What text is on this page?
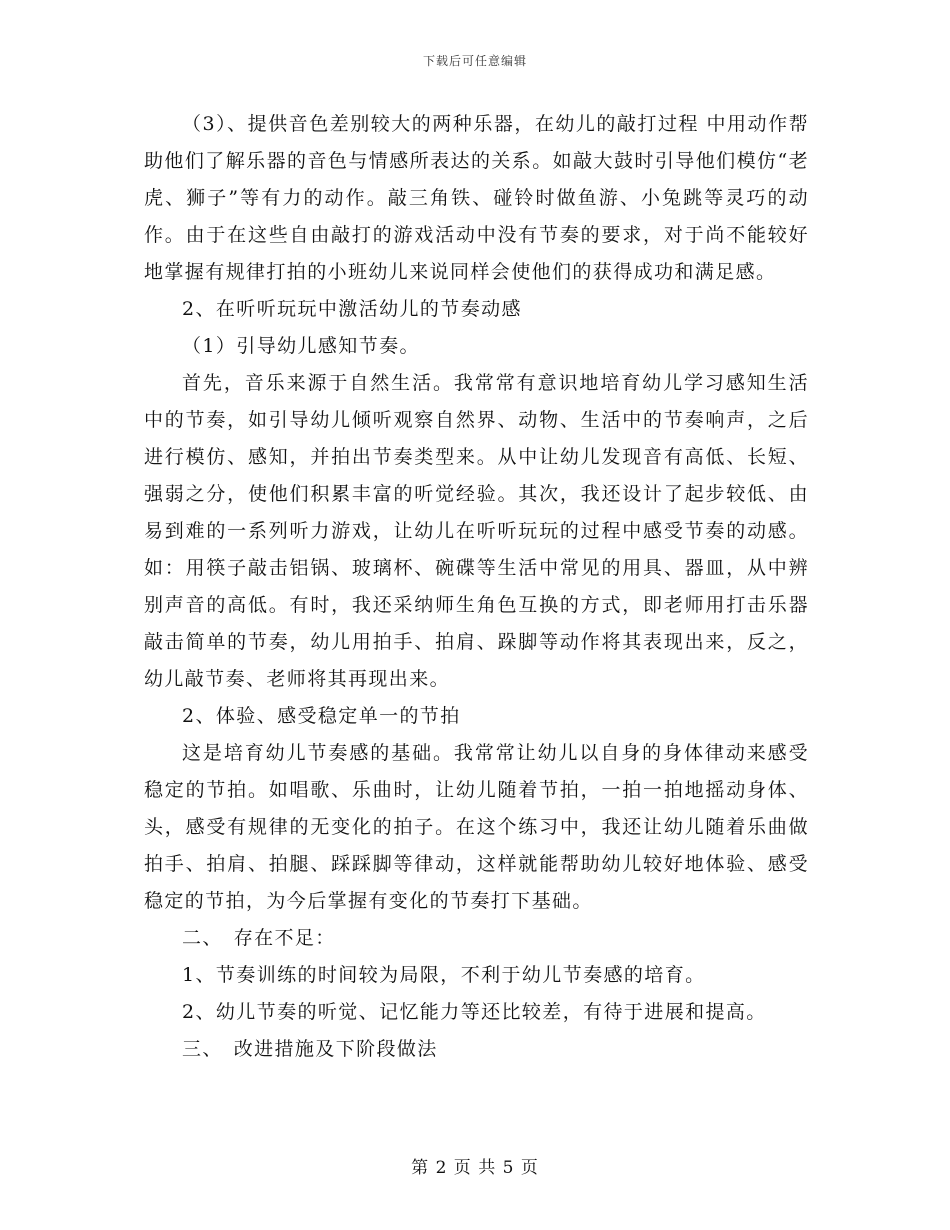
下载后可任意编辑

（3）、提供音色差别较大的两种乐器，在幼儿的敲打过程 中用动作帮助他们了解乐器的音色与情感所表达的关系。如敲大鼓时引导他们模仿“老虎、狮子”等有力的动作。敲三角铁、碰铃时做鱼游、小兔跳等灵巧的动作。由于在这些自由敲打的游戏活动中没有节奏的要求，对于尚不能较好地掌握有规律打拍的小班幼儿来说同样会使他们的获得成功和满足感。

2、在听听玩玩中激活幼儿的节奏动感

（1）引导幼儿感知节奏。

首先，音乐来源于自然生活。我常常有意识地培育幼儿学习感知生活中的节奏，如引导幼儿倾听观察自然界、动物、生活中的节奏响声，之后进行模仿、感知，并拍出节奏类型来。从中让幼儿发现音有高低、长短、强弱之分，使他们积累丰富的听觉经验。其次，我还设计了起步较低、由易到难的一系列听力游戏，让幼儿在听听玩玩的过程中感受节奏的动感。如：用筷子敲击铝锅、玻璃杯、碗碟等生活中常见的用具、器皿，从中辨别声音的高低。有时，我还采纳师生角色互换的方式，即老师用打击乐器敲击简单的节奏，幼儿用拍手、拍肩、跺脚等动作将其表现出来，反之，幼儿敲节奏、老师将其再现出来。

2、体验、感受稳定单一的节拍

这是培育幼儿节奏感的基础。我常常让幼儿以自身的身体律动来感受稳定的节拍。如唱歌、乐曲时，让幼儿随着节拍，一拍一拍地摇动身体、头，感受有规律的无变化的拍子。在这个练习中，我还让幼儿随着乐曲做拍手、拍肩、拍腿、踩踩脚等律动，这样就能帮助幼儿较好地体验、感受稳定的节拍，为今后掌握有变化的节奏打下基础。

二、　存在不足：

1、节奏训练的时间较为局限，不利于幼儿节奏感的培育。

2、幼儿节奏的听觉、记忆能力等还比较差，有待于进展和提高。

三、　改进措施及下阶段做法

第 2 页 共 5 页
